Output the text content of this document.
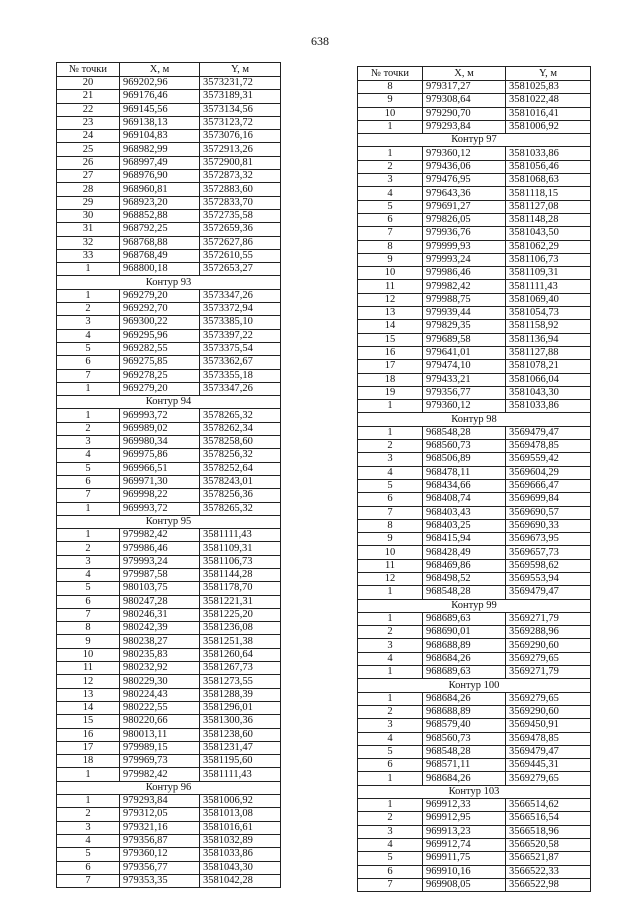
638
№ точки	X, м	Y, м
20	969202,96	3573231,72
21	969176,46	3573189,31
22	969145,56	3573134,56
23	969138,13	3573123,72
24	969104,83	3573076,16
25	968982,99	3572913,26
26	968997,49	3572900,81
27	968976,90	3572873,32
28	968960,81	3572883,60
29	968923,20	3572833,70
30	968852,88	3572735,58
31	968792,25	3572659,36
32	968768,88	3572627,86
33	968768,49	3572610,55
1	968800,18	3572653,27
Контур 93		
1	969279,20	3573347,26
2	969292,70	3573372,94
3	969300,22	3573385,10
4	969295,96	3573397,22
5	969282,55	3573375,54
6	969275,85	3573362,67
7	969278,25	3573355,18
1	969279,20	3573347,26
Контур 94		
1	969993,72	3578265,32
2	969989,02	3578262,34
3	969980,34	3578258,60
4	969975,86	3578256,32
5	969966,51	3578252,64
6	969971,30	3578243,01
7	969998,22	3578256,36
1	969993,72	3578265,32
Контур 95		
1	979982,42	3581111,43
2	979986,46	3581109,31
3	979993,24	3581106,73
4	979987,58	3581144,28
5	980103,75	3581178,70
6	980247,28	3581221,31
7	980246,31	3581225,20
8	980242,39	3581236,08
9	980238,27	3581251,38
10	980235,83	3581260,64
11	980232,92	3581267,73
12	980229,30	3581273,55
13	980224,43	3581288,39
14	980222,55	3581296,01
15	980220,66	3581300,36
16	980013,11	3581238,60
17	979989,15	3581231,47
18	979969,73	3581195,60
1	979982,42	3581111,43
Контур 96		
1	979293,84	3581006,92
2	979312,05	3581013,08
3	979321,16	3581016,61
4	979356,87	3581032,89
5	979360,12	3581033,86
6	979356,77	3581043,30
7	979353,35	3581042,28
№ точки	X, м	Y, м
8	979317,27	3581025,83
9	979308,64	3581022,48
10	979290,70	3581016,41
1	979293,84	3581006,92
Контур 97		
1	979360,12	3581033,86
2	979436,06	3581056,46
3	979476,95	3581068,63
4	979643,36	3581118,15
5	979691,27	3581127,08
6	979826,05	3581148,28
7	979936,76	3581043,50
8	979999,93	3581062,29
9	979993,24	3581106,73
10	979986,46	3581109,31
11	979982,42	3581111,43
12	979988,75	3581069,40
13	979939,44	3581054,73
14	979829,35	3581158,92
15	979689,58	3581136,94
16	979641,01	3581127,88
17	979474,10	3581078,21
18	979433,21	3581066,04
19	979356,77	3581043,30
1	979360,12	3581033,86
Контур 98		
1	968548,28	3569479,47
2	968560,73	3569478,85
3	968506,89	3569559,42
4	968478,11	3569604,29
5	968434,66	3569666,47
6	968408,74	3569699,84
7	968403,43	3569690,57
8	968403,25	3569690,33
9	968415,94	3569673,95
10	968428,49	3569657,73
11	968469,86	3569598,62
12	968498,52	3569553,94
1	968548,28	3569479,47
Контур 99		
1	968689,63	3569271,79
2	968690,01	3569288,96
3	968688,89	3569290,60
4	968684,26	3569279,65
1	968689,63	3569271,79
Контур 100		
1	968684,26	3569279,65
2	968688,89	3569290,60
3	968579,40	3569450,91
4	968560,73	3569478,85
5	968548,28	3569479,47
6	968571,11	3569445,31
1	968684,26	3569279,65
Контур 103		
1	969912,33	3566514,62
2	969912,95	3566516,54
3	969913,23	3566518,96
4	969912,74	3566520,58
5	969911,75	3566521,87
6	969910,16	3566522,33
7	969908,05	3566522,98
